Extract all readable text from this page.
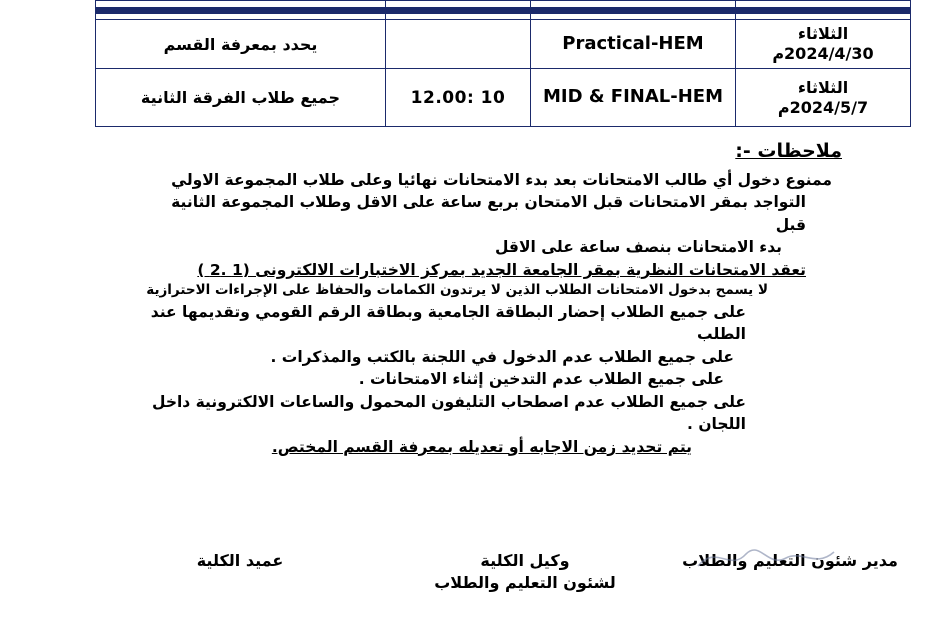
يحدد بمعرفة القسم		Practical-HEM	الثلاثاء
2024/4/30م

جميع طلاب الفرقة الثانية	12.00: 10	MID & FINAL-HEM	الثلاثاء
2024/5/7م
ملاحظات -:

ممنوع دخول أي طالب الامتحانات بعد بدء الامتحانات نهائيا وعلى طلاب المجموعة الاولي

التواجد بمقر الامتحانات قبل الامتحان بربع ساعة على الاقل وطلاب المجموعة الثانية قبل

بدء الامتحانات بنصف ساعة على الاقل

تعقد الامتحانات النظرية بمقر الجامعة الجديد بمركز الاختبارات الالكترونى (1 .2 )

لا يسمح بدخول الامتحانات الطلاب الذين لا يرتدون الكمامات والحفاظ على الإجراءات الاحترازية

على جميع الطلاب إحضار البطاقة الجامعية وبطاقة الرقم القومي وتقديمها عند الطلب

على جميع الطلاب عدم الدخول في اللجنة بالكتب والمذكرات .

على جميع الطلاب عدم التدخين إثناء الامتحانات .

على جميع الطلاب عدم اصطحاب التليفون المحمول والساعات الالكترونية داخل اللجان .

يتم تحديد زمن الاجابه أو تعديله بمعرفة القسم المختص.

مدير شئون التعليم والطلاب
وكيل الكلية
لشئون التعليم والطلاب
عميد الكلية
